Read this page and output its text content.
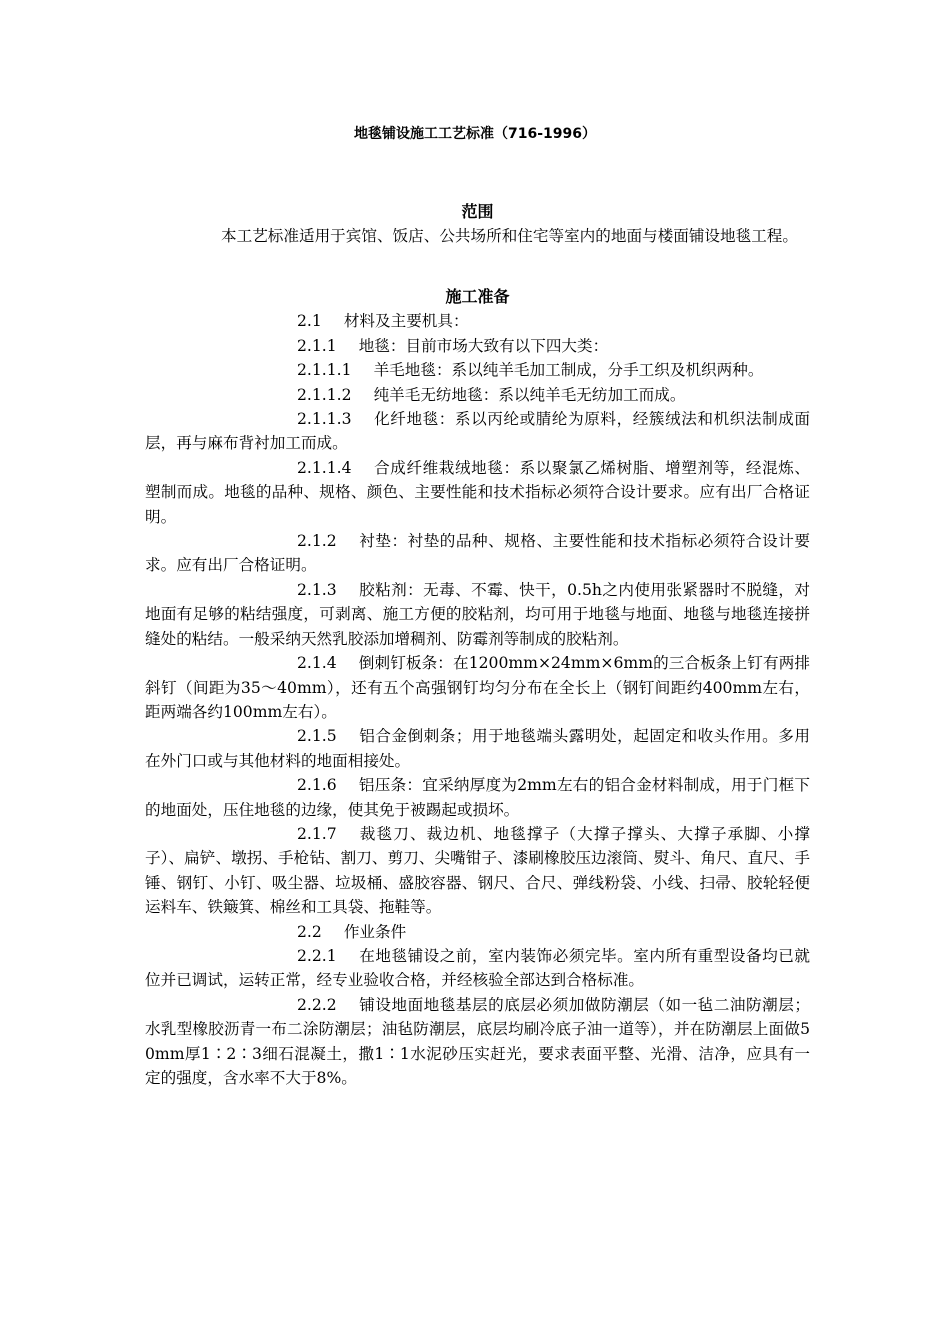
地毯铺设施工工艺标准（716-1996）
范围

本工艺标准适用于宾馆、饭店、公共场所和住宅等室内的地面与楼面铺设地毯工程。

施工准备

2.1 材料及主要机具：

2.1.1 地毯：目前市场大致有以下四大类：

2.1.1.1 羊毛地毯：系以纯羊毛加工制成，分手工织及机织两种。

2.1.1.2 纯羊毛无纺地毯：系以纯羊毛无纺加工而成。

2.1.1.3 化纤地毯：系以丙纶或腈纶为原料，经簇绒法和机织法制成面层，再与麻布背衬加工而成。

2.1.1.4 合成纤维栽绒地毯：系以聚氯乙烯树脂、增塑剂等，经混炼、塑制而成。地毯的品种、规格、颜色、主要性能和技术指标必须符合设计要求。应有出厂合格证明。

2.1.2 衬垫：衬垫的品种、规格、主要性能和技术指标必须符合设计要求。应有出厂合格证明。

2.1.3 胶粘剂：无毒、不霉、快干，0.5h之内使用张紧器时不脱缝，对地面有足够的粘结强度，可剥离、施工方便的胶粘剂，均可用于地毯与地面、地毯与地毯连接拼缝处的粘结。一般采纳天然乳胶添加增稠剂、防霉剂等制成的胶粘剂。

2.1.4 倒刺钉板条：在1200mm×24mm×6mm的三合板条上钉有两排斜钉（间距为35～40mm），还有五个高强钢钉均匀分布在全长上（钢钉间距约400mm左右，距两端各约100mm左右）。

2.1.5 铝合金倒刺条；用于地毯端头露明处，起固定和收头作用。多用在外门口或与其他材料的地面相接处。

2.1.6 铝压条：宜采纳厚度为2mm左右的铝合金材料制成，用于门框下的地面处，压住地毯的边缘，使其免于被踢起或损坏。

2.1.7 裁毯刀、裁边机、地毯撑子（大撑子撑头、大撑子承脚、小撑子）、扁铲、墩拐、手枪钻、割刀、剪刀、尖嘴钳子、漆刷橡胶压边滚筒、熨斗、角尺、直尺、手锤、钢钉、小钉、吸尘器、垃圾桶、盛胶容器、钢尺、合尺、弹线粉袋、小线、扫帚、胶轮轻便运料车、铁簸箕、棉丝和工具袋、拖鞋等。

2.2 作业条件

2.2.1 在地毯铺设之前，室内装饰必须完毕。室内所有重型设备均已就位并已调试，运转正常，经专业验收合格，并经核验全部达到合格标准。

2.2.2 铺设地面地毯基层的底层必须加做防潮层（如一毡二油防潮层；水乳型橡胶沥青一布二涂防潮层；油毡防潮层，底层均刷冷底子油一道等），并在防潮层上面做50mm厚1∶2∶3细石混凝土，撒1∶1水泥砂压实赶光，要求表面平整、光滑、洁净，应具有一定的强度，含水率不大于8%。
